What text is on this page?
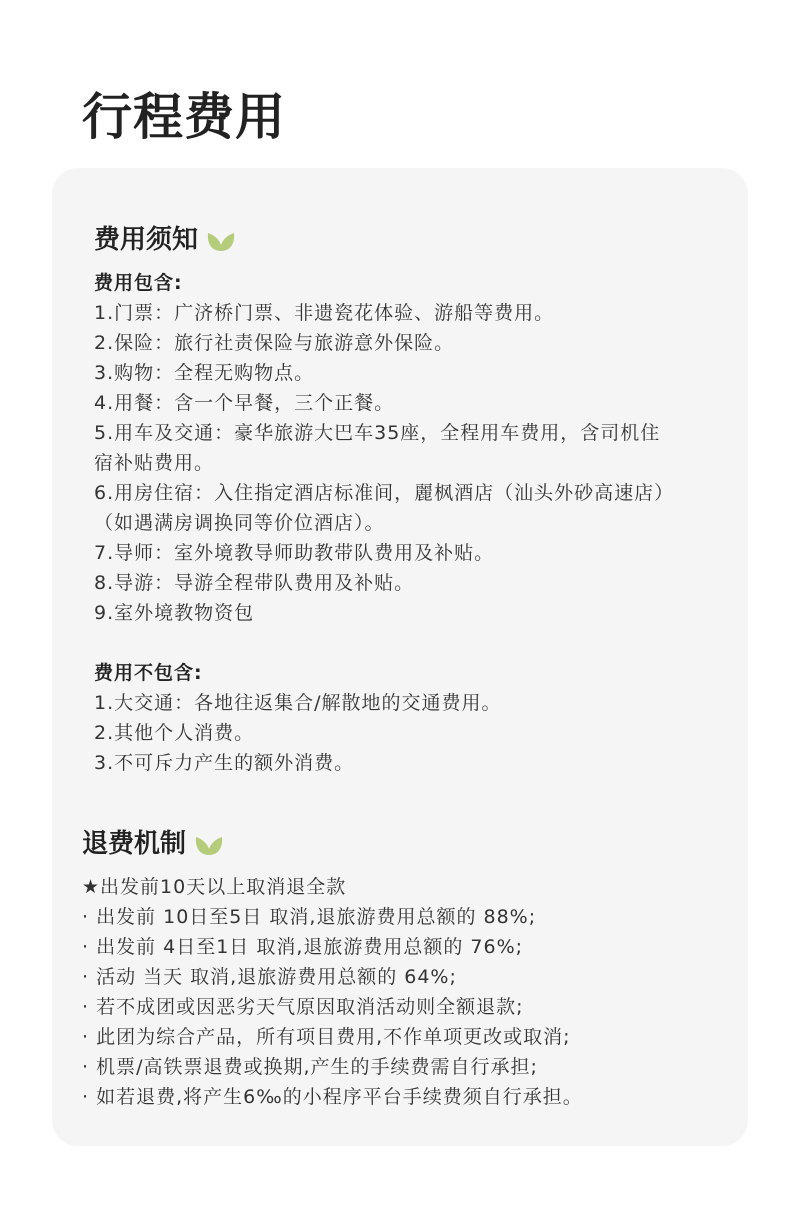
行程费用
费用须知
费用包含:
1.门票：广济桥门票、非遗瓷花体验、游船等费用。
2.保险：旅行社责保险与旅游意外保险。
3.购物：全程无购物点。
4.用餐：含一个早餐，三个正餐。
5.用车及交通：豪华旅游大巴车35座，全程用车费用，含司机住
宿补贴费用。
6.用房住宿：入住指定酒店标准间，麗枫酒店（汕头外砂高速店）
（如遇满房调换同等价位酒店）。
7.导师：室外境教导师助教带队费用及补贴。
8.导游：导游全程带队费用及补贴。
9.室外境教物资包
费用不包含:
1.大交通：各地往返集合/解散地的交通费用。
2.其他个人消费。
3.不可斥力产生的额外消费。
退费机制
★出发前10天以上取消退全款
· 出发前 10日至5日 取消,退旅游费用总额的 88%;
· 出发前 4日至1日 取消,退旅游费用总额的 76%;
· 活动 当天 取消,退旅游费用总额的 64%;
· 若不成团或因恶劣天气原因取消活动则全额退款;
· 此团为综合产品，所有项目费用,不作单项更改或取消;
· 机票/高铁票退费或换期,产生的手续费需自行承担;
· 如若退费,将产生6‰的小程序平台手续费须自行承担。
